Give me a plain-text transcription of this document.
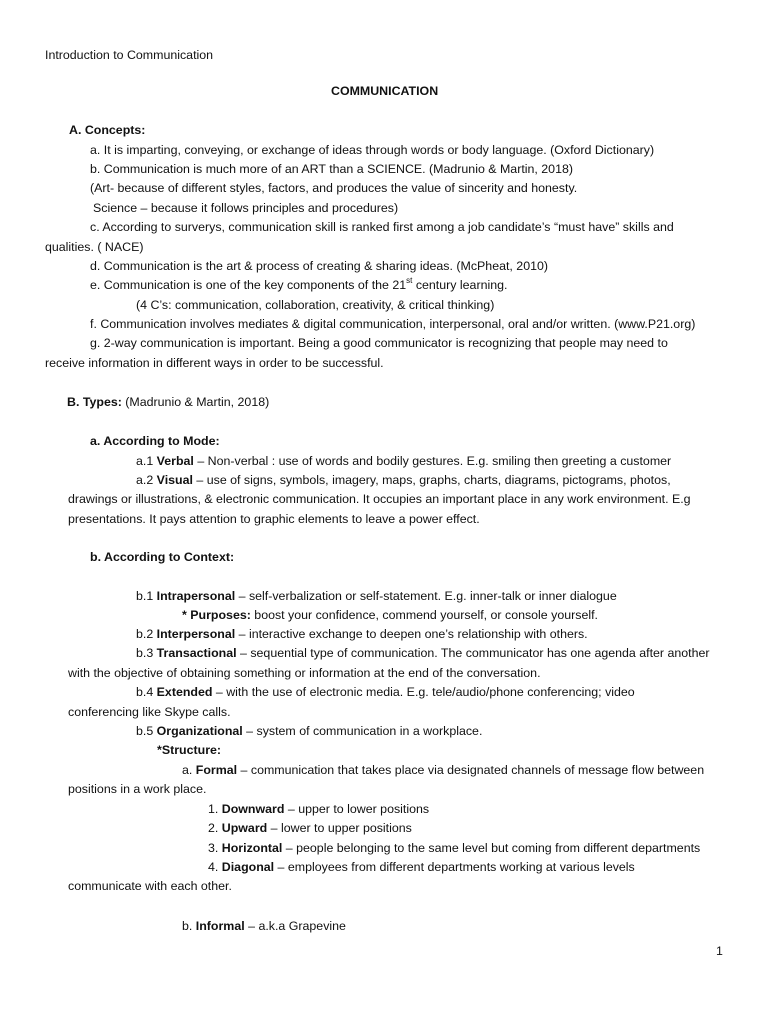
Introduction to Communication
COMMUNICATION
A. Concepts:
a. It is imparting, conveying, or exchange of ideas through words or body language. (Oxford Dictionary)
b. Communication is much more of an ART than a SCIENCE. (Madrunio & Martin, 2018)
(Art- because of different styles, factors, and produces the value of sincerity and honesty.
Science – because it follows principles and procedures)
c. According to surverys, communication skill is ranked first among a job candidate’s “must have” skills and
qualities. ( NACE)
d. Communication is the art & process of creating & sharing ideas. (McPheat, 2010)
e. Communication is one of the key components of the 21st century learning.
(4 C’s: communication, collaboration, creativity, & critical thinking)
f. Communication involves mediates & digital communication, interpersonal, oral and/or written. (www.P21.org)
g. 2-way communication is important. Being a good communicator is recognizing that people may need to
receive information in different ways in order to be successful.
B. Types: (Madrunio & Martin, 2018)
a. According to Mode:
a.1 Verbal – Non-verbal : use of words and bodily gestures. E.g. smiling then greeting a customer
a.2 Visual – use of signs, symbols, imagery, maps, graphs, charts, diagrams, pictograms, photos,
drawings or illustrations, & electronic communication. It occupies an important place in any work environment. E.g
presentations. It pays attention to graphic elements to leave a power effect.
b. According to Context:
b.1 Intrapersonal – self-verbalization or self-statement. E.g. inner-talk or inner dialogue
* Purposes: boost your confidence, commend yourself, or console yourself.
b.2 Interpersonal – interactive exchange to deepen one’s relationship with others.
b.3 Transactional – sequential type of communication. The communicator has one agenda after another
with the objective of obtaining something or information at the end of the conversation.
b.4 Extended – with the use of electronic media. E.g. tele/audio/phone conferencing; video
conferencing like Skype calls.
b.5 Organizational – system of communication in a workplace.
*Structure:
a. Formal – communication that takes place via designated channels of message flow between
positions in a work place.
1. Downward – upper to lower positions
2. Upward – lower to upper positions
3. Horizontal – people belonging to the same level but coming from different departments
4. Diagonal – employees from different departments working at various levels
communicate with each other.
b. Informal – a.k.a Grapevine
1
